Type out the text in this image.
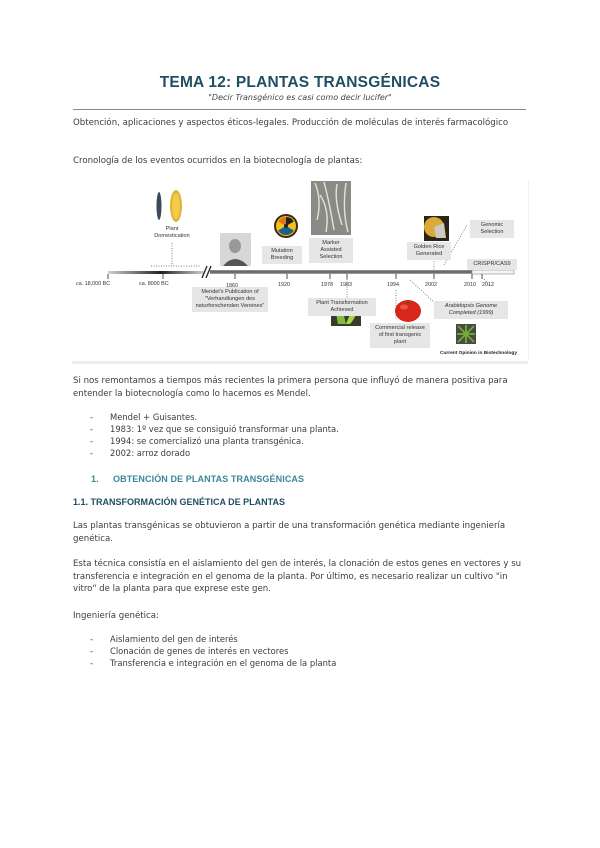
TEMA 12: PLANTAS TRANSGÉNICAS
"Decir Transgénico es casi como decir lucifer"
Obtención, aplicaciones y aspectos éticos-legales. Producción de moléculas de interés farmacológico
Cronología de los eventos ocurridos en la biotecnología de plantas:
Plant Domestication
Mendel's Publication of "Verhandlungen des naturforschenden Vereines"
Mutation Breeding
Marker Assisted Selection
Plant Transformation Achieved
Commercial release of first transgenic plant
Golden Rice Generated
Arabidopsis Genome Completed (1999)
Genomic Selection
CRISPR/CAS9
ca. 18,000 BC	ca. 8000 BC	1860	1920	1978 1983	1994	2002	2010 2012
Current Opinion in Biotechnology
Si nos remontamos a tiempos más recientes la primera persona que influyó de manera positiva para entender la biotecnología como lo hacemos es Mendel.
- Mendel + Guisantes.
- 1983: 1º vez que se consiguió transformar una planta.
- 1994: se comercializó una planta transgénica.
- 2002: arroz dorado
1. OBTENCIÓN DE PLANTAS TRANSGÉNICAS
1.1. TRANSFORMACIÓN GENÉTICA DE PLANTAS
Las plantas transgénicas se obtuvieron a partir de una transformación genética mediante ingeniería genética.
Esta técnica consistía en el aislamiento del gen de interés, la clonación de estos genes en vectores y su transferencia e integración en el genoma de la planta. Por último, es necesario realizar un cultivo "in vitro" de la planta para que exprese este gen.
Ingeniería genética:
- Aislamiento del gen de interés
- Clonación de genes de interés en vectores
- Transferencia e integración en el genoma de la planta
